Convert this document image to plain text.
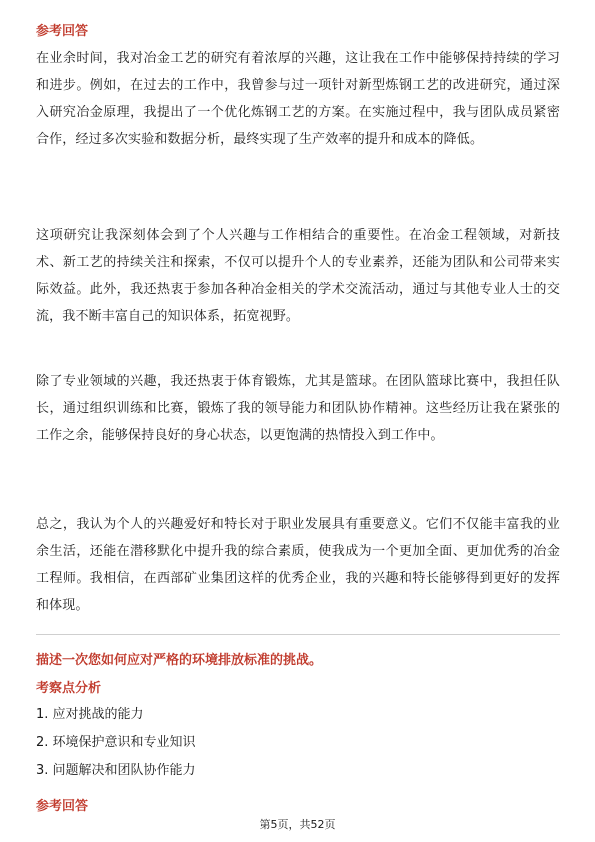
参考回答

在业余时间，我对冶金工艺的研究有着浓厚的兴趣，这让我在工作中能够保持持续的学习和进步。例如，在过去的工作中，我曾参与过一项针对新型炼钢工艺的改进研究，通过深入研究冶金原理，我提出了一个优化炼钢工艺的方案。在实施过程中，我与团队成员紧密合作，经过多次实验和数据分析，最终实现了生产效率的提升和成本的降低。

这项研究让我深刻体会到了个人兴趣与工作相结合的重要性。在冶金工程领域，对新技术、新工艺的持续关注和探索，不仅可以提升个人的专业素养，还能为团队和公司带来实际效益。此外，我还热衷于参加各种冶金相关的学术交流活动，通过与其他专业人士的交流，我不断丰富自己的知识体系，拓宽视野。

除了专业领域的兴趣，我还热衷于体育锻炼，尤其是篮球。在团队篮球比赛中，我担任队长，通过组织训练和比赛，锻炼了我的领导能力和团队协作精神。这些经历让我在紧张的工作之余，能够保持良好的身心状态，以更饱满的热情投入到工作中。

总之，我认为个人的兴趣爱好和特长对于职业发展具有重要意义。它们不仅能丰富我的业余生活，还能在潜移默化中提升我的综合素质，使我成为一个更加全面、更加优秀的冶金工程师。我相信，在西部矿业集团这样的优秀企业，我的兴趣和特长能够得到更好的发挥和体现。

描述一次您如何应对严格的环境排放标准的挑战。
考察点分析

1. 应对挑战的能力

2. 环境保护意识和专业知识

3. 问题解决和团队协作能力

参考回答
第5页，共52页
